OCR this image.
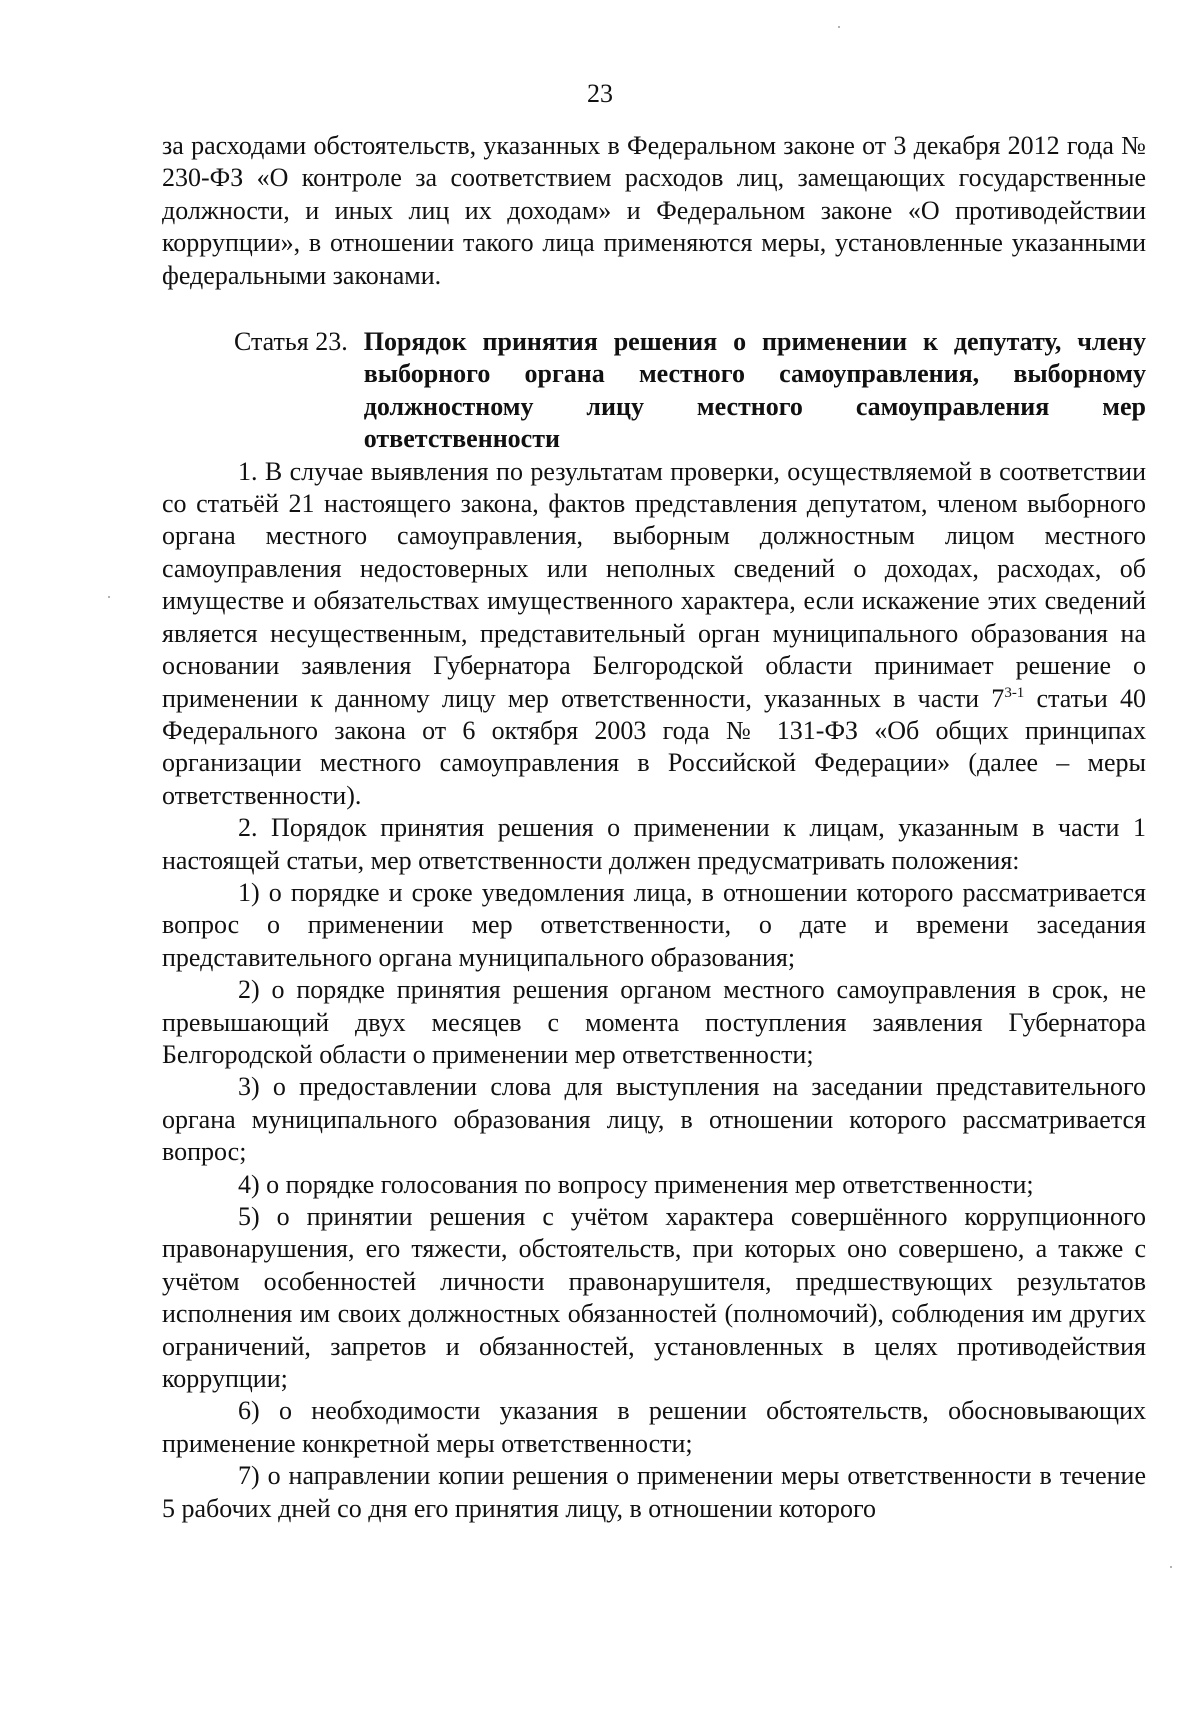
23

за расходами обстоятельств, указанных в Федеральном законе от 3 декабря 2012 года № 230-ФЗ «О контроле за соответствием расходов лиц, замещающих государственные должности, и иных лиц их доходам» и Федеральном законе «О противодействии коррупции», в отношении такого лица применяются меры, установленные указанными федеральными законами.

Статья 23. Порядок принятия решения о применении к депутату, члену выборного органа местного самоуправления, выборному должностному лицу местного самоуправления мер ответственности

1. В случае выявления по результатам проверки, осуществляемой в соответствии со статьёй 21 настоящего закона, фактов представления депутатом, членом выборного органа местного самоуправления, выборным должностным лицом местного самоуправления недостоверных или неполных сведений о доходах, расходах, об имуществе и обязательствах имущественного характера, если искажение этих сведений является несущественным, представительный орган муниципального образования на основании заявления Губернатора Белгородской области принимает решение о применении к данному лицу мер ответственности, указанных в части 7$^{3-1}$ статьи 40 Федерального закона от 6 октября 2003 года № 131-ФЗ «Об общих принципах организации местного самоуправления в Российской Федерации» (далее – меры ответственности).

2. Порядок принятия решения о применении к лицам, указанным в части 1 настоящей статьи, мер ответственности должен предусматривать положения:

1) о порядке и сроке уведомления лица, в отношении которого рассматривается вопрос о применении мер ответственности, о дате и времени заседания представительного органа муниципального образования;

2) о порядке принятия решения органом местного самоуправления в срок, не превышающий двух месяцев с момента поступления заявления Губернатора Белгородской области о применении мер ответственности;

3) о предоставлении слова для выступления на заседании представительного органа муниципального образования лицу, в отношении которого рассматривается вопрос;

4) о порядке голосования по вопросу применения мер ответственности;

5) о принятии решения с учётом характера совершённого коррупционного правонарушения, его тяжести, обстоятельств, при которых оно совершено, а также с учётом особенностей личности правонарушителя, предшествующих результатов исполнения им своих должностных обязанностей (полномочий), соблюдения им других ограничений, запретов и обязанностей, установленных в целях противодействия коррупции;

6) о необходимости указания в решении обстоятельств, обосновывающих применение конкретной меры ответственности;

7) о направлении копии решения о применении меры ответственности в течение 5 рабочих дней со дня его принятия лицу, в отношении которого
